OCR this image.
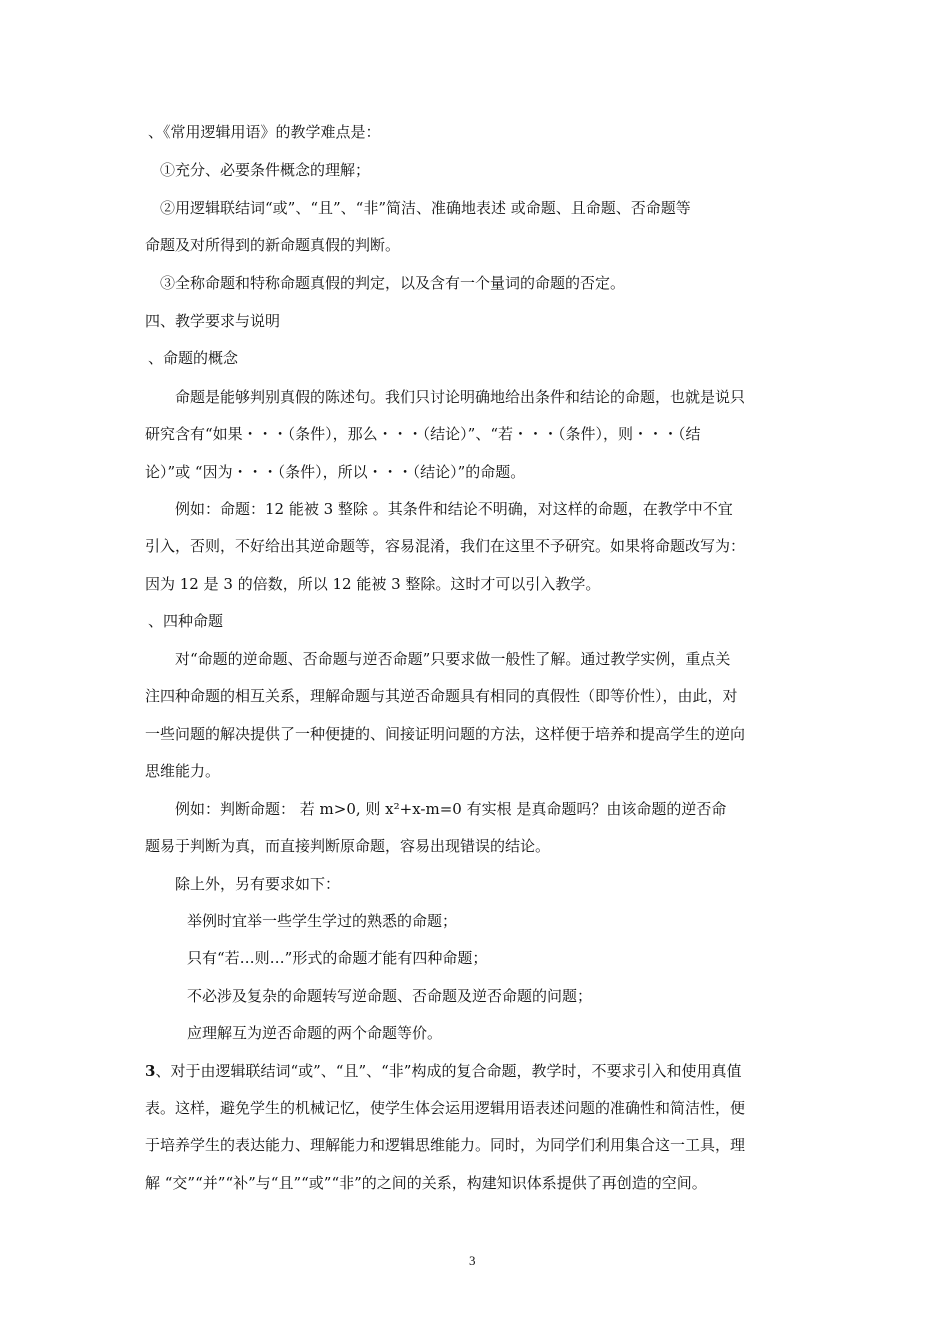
、《常用逻辑用语》的教学难点是：
①充分、必要条件概念的理解；
②用逻辑联结词“或”、“且”、“非”简洁、准确地表述 或命题、且命题、否命题等
命题及对所得到的新命题真假的判断。
③全称命题和特称命题真假的判定，以及含有一个量词的命题的否定。
四、教学要求与说明
、命题的概念
命题是能够判别真假的陈述句。我们只讨论明确地给出条件和结论的命题，也就是说只
研究含有“如果・・・（条件），那么・・・（结论）”、“若・・・（条件），则・・・（结
论）”或 “因为・・・（条件），所以・・・（结论）”的命题。
例如：命题：12 能被 3 整除 。其条件和结论不明确，对这样的命题，在教学中不宜
引入，否则，不好给出其逆命题等，容易混淆，我们在这里不予研究。如果将命题改写为：
因为 12 是 3 的倍数，所以 12 能被 3 整除。这时才可以引入教学。
、四种命题
对“命题的逆命题、否命题与逆否命题”只要求做一般性了解。通过教学实例，重点关
注四种命题的相互关系，理解命题与其逆否命题具有相同的真假性（即等价性），由此，对
一些问题的解决提供了一种便捷的、间接证明问题的方法，这样便于培养和提高学生的逆向
思维能力。
例如：判断命题： 若 m>0, 则 x²+x-m=0 有实根 是真命题吗？由该命题的逆否命
题易于判断为真，而直接判断原命题，容易出现错误的结论。
除上外，另有要求如下：
举例时宜举一些学生学过的熟悉的命题；
只有“若…则…”形式的命题才能有四种命题；
不必涉及复杂的命题转写逆命题、否命题及逆否命题的问题；
应理解互为逆否命题的两个命题等价。
3、对于由逻辑联结词“或”、“且”、“非”构成的复合命题，教学时，不要求引入和使用真值
表。这样，避免学生的机械记忆，使学生体会运用逻辑用语表述问题的准确性和简洁性，便
于培养学生的表达能力、理解能力和逻辑思维能力。同时，为同学们利用集合这一工具，理
解 “交”“并”“补”与“且”“或”“非”的之间的关系，构建知识体系提供了再创造的空间。
3
